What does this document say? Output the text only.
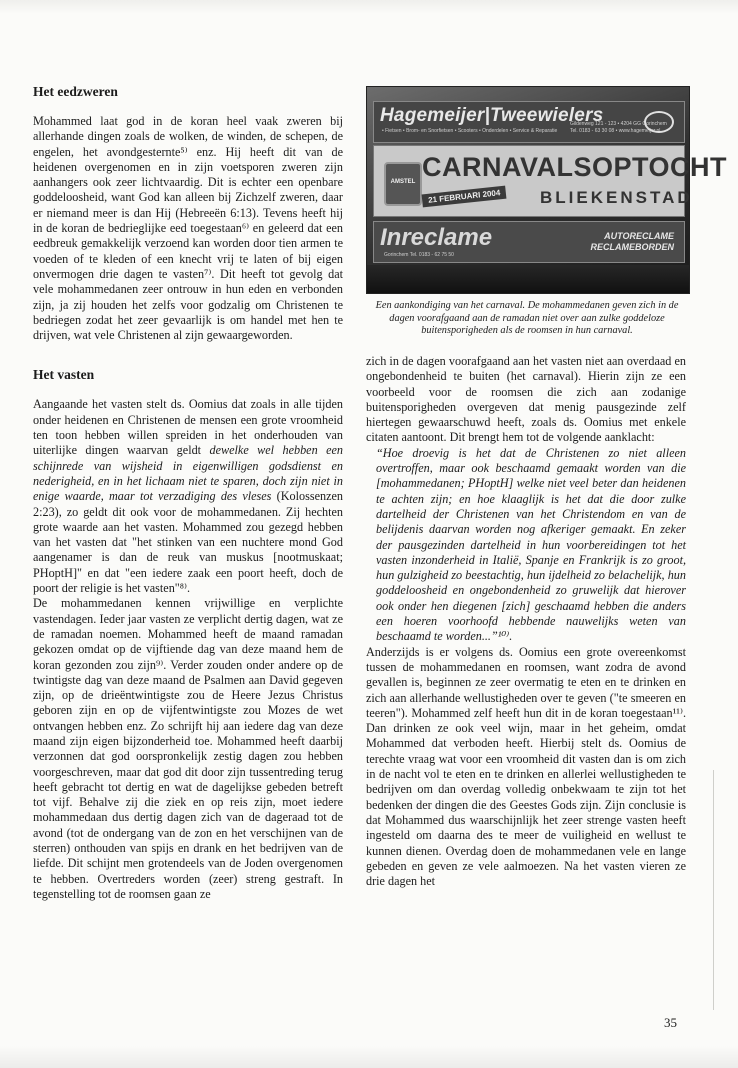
Het eedzweren

Mohammed laat god in de koran heel vaak zweren bij allerhande dingen zoals de wolken, de winden, de schepen, de engelen, het avondgesternte⁵⁾ enz. Hij heeft dit van de heidenen overgenomen en in zijn voetsporen zweren zijn aanhangers ook zeer lichtvaardig. Dit is echter een openbare goddeloosheid, want God kan alleen bij Zichzelf zweren, daar er niemand meer is dan Hij (Hebreeën 6:13). Tevens heeft hij in de koran de bedrieglijke eed toegestaan⁶⁾ en geleerd dat een eedbreuk gemakkelijk verzoend kan worden door tien armen te voeden of te kleden of een knecht vrij te laten of bij eigen onvermogen drie dagen te vasten⁷⁾. Dit heeft tot gevolg dat vele mohammedanen zeer ontrouw in hun eden en verbonden zijn, ja zij houden het zelfs voor godzalig om Christenen te bedriegen zodat het zeer gevaarlijk is om handel met hen te drijven, wat vele Christenen al zijn gewaargeworden.

Het vasten

Aangaande het vasten stelt ds. Oomius dat zoals in alle tijden onder heidenen en Christenen de mensen een grote vroomheid ten toon hebben willen spreiden in het onderhouden van uiterlijke dingen waarvan geldt dewelke wel hebben een schijnrede van wijsheid in eigenwilligen godsdienst en nederigheid, en in het lichaam niet te sparen, doch zijn niet in enige waarde, maar tot verzadiging des vleses (Kolossenzen 2:23), zo geldt dit ook voor de mohammedanen. Zij hechten grote waarde aan het vasten. Mohammed zou gezegd hebben van het vasten dat "het stinken van een nuchtere mond God aangenamer is dan de reuk van muskus [nootmuskaat; PHoptH]" en dat "een iedere zaak een poort heeft, doch de poort der religie is het vasten"⁸⁾.

De mohammedanen kennen vrijwillige en verplichte vastendagen. Ieder jaar vasten ze verplicht dertig dagen, wat ze de ramadan noemen. Mohammed heeft de maand ramadan gekozen omdat op de vijftiende dag van deze maand hem de koran gezonden zou zijn⁹⁾. Verder zouden onder andere op de twintigste dag van deze maand de Psalmen aan David gegeven zijn, op de drieëntwintigste zou de Heere Jezus Christus geboren zijn en op de vijfentwintigste zou Mozes de wet ontvangen hebben enz. Zo schrijft hij aan iedere dag van deze maand zijn eigen bijzonderheid toe. Mohammed heeft daarbij verzonnen dat god oorspronkelijk zestig dagen zou hebben voorgeschreven, maar dat god dit door zijn tussentreding terug heeft gebracht tot dertig en wat de dagelijkse gebeden betreft tot vijf. Behalve zij die ziek en op reis zijn, moet iedere mohammedaan dus dertig dagen zich van de dageraad tot de avond (tot de ondergang van de zon en het verschijnen van de sterren) onthouden van spijs en drank en het bedrijven van de liefde. Dit schijnt men grotendeels van de Joden overgenomen te hebben. Overtreders worden (zeer) streng gestraft. In tegenstelling tot de roomsen gaan ze

Hagemeijer|Tweewielers
• Fietsen • Brom- en Snorfietsen • Scooters • Onderdelen • Service & Reparatie
Gildenweg 121 - 123 • 4204 GG Gorinchem
Tel. 0183 - 63 30 08 • www.hagemeijer.nl
AMSTEL CARNAVALSOPTOCHT
21 FEBRUARI 2004	BLIEKENSTAD
Inreclame
Gorinchem Tel. 0183 - 62 75 50
AUTORECLAME RECLAMEBORDEN
Een aankondiging van het carnaval. De mohammedanen geven zich in de dagen voorafgaand aan de ramadan niet over aan zulke goddeloze buitensporigheden als de roomsen in hun carnaval.

zich in de dagen voorafgaand aan het vasten niet aan overdaad en ongebondenheid te buiten (het carnaval). Hierin zijn ze een voorbeeld voor de roomsen die zich aan zodanige buitensporigheden overgeven dat menig pausgezinde zelf hiertegen gewaarschuwd heeft, zoals ds. Oomius met enkele citaten aantoont. Dit brengt hem tot de volgende aanklacht:

“Hoe droevig is het dat de Christenen zo niet alleen overtroffen, maar ook beschaamd gemaakt worden van die [mohammedanen; PHoptH] welke niet veel beter dan heidenen te achten zijn; en hoe klaaglijk is het dat die door zulke dartelheid der Christenen van het Christendom en van de belijdenis daarvan worden nog afkeriger gemaakt. En zeker der pausgezinden dartelheid in hun voorbereidingen tot het vasten inzonderheid in Italië, Spanje en Frankrijk is zo groot, hun gulzigheid zo beestachtig, hun ijdelheid zo belachelijk, hun goddeloosheid en ongebondenheid zo gruwelijk dat hierover ook onder hen diegenen [zich] geschaamd hebben die anders een hoeren voorhoofd hebbende nauwelijks weten van beschaamd te worden...”¹⁰⁾.

Anderzijds is er volgens ds. Oomius een grote overeenkomst tussen de mohammedanen en roomsen, want zodra de avond gevallen is, beginnen ze zeer overmatig te eten en te drinken en zich aan allerhande wellustigheden over te geven ("te smeeren en teeren"). Mohammed zelf heeft hun dit in de koran toegestaan¹¹⁾. Dan drinken ze ook veel wijn, maar in het geheim, omdat Mohammed dat verboden heeft. Hierbij stelt ds. Oomius de terechte vraag wat voor een vroomheid dit vasten dan is om zich in de nacht vol te eten en te drinken en allerlei wellustigheden te bedrijven om dan overdag volledig onbekwaam te zijn tot het bedenken der dingen die des Geestes Gods zijn. Zijn conclusie is dat Mohammed dus waarschijnlijk het zeer strenge vasten heeft ingesteld om daarna des te meer de vuiligheid en wellust te kunnen dienen. Overdag doen de mohammedanen vele en lange gebeden en geven ze vele aalmoezen. Na het vasten vieren ze drie dagen het

35
